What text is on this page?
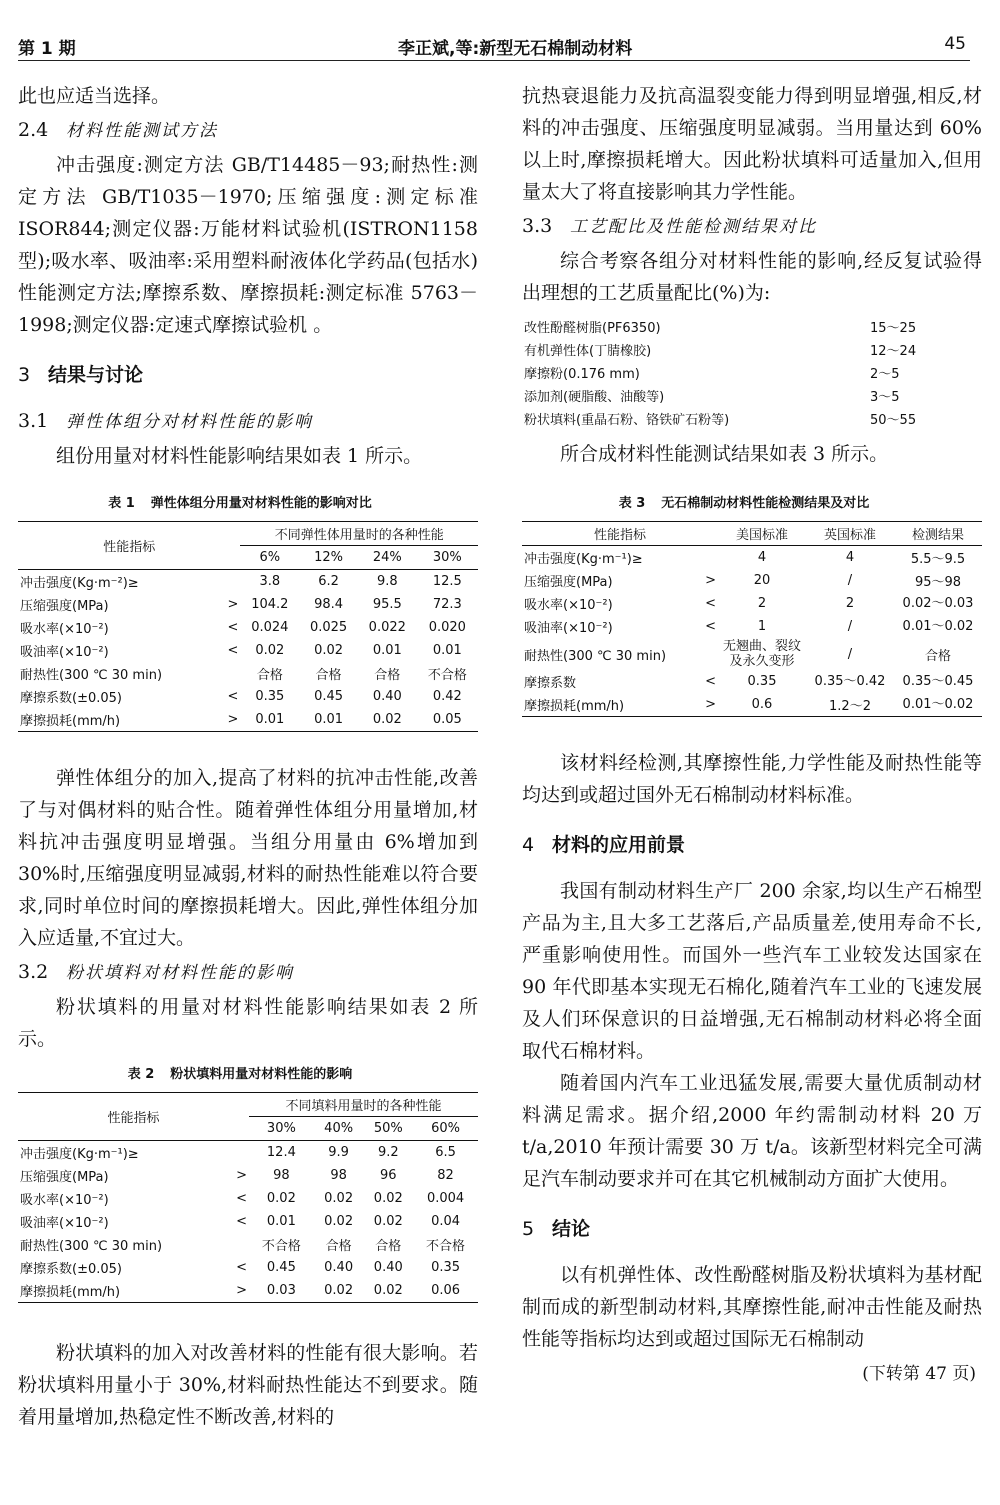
第 1 期	李正斌,等:新型无石棉制动材料	45

此也应适当选择。

2.4 材料性能测试方法

冲击强度:测定方法 GB/T14485－93;耐热性:测定方法 GB/T1035－1970;压缩强度:测定标准 ISOR844;测定仪器:万能材料试验机(ISTRON1158 型);吸水率、吸油率:采用塑料耐液体化学药品(包括水)性能测定方法;摩擦系数、摩擦损耗:测定标准 5763－1998;测定仪器:定速式摩擦试验机 。

3 结果与讨论
3.1 弹性体组分对材料性能的影响

组份用量对材料性能影响结果如表 1 所示。

表 1 弹性体组分用量对材料性能的影响对比
性能指标		不同弹性体用量时的各种性能			
		6%	12%	24%	30%
冲击强度(Kg·m⁻²)≥		3.8	6.2	9.8	12.5
压缩强度(MPa)	>	104.2	98.4	95.5	72.3
吸水率(×10⁻²)	<	0.024	0.025	0.022	0.020
吸油率(×10⁻²)	<	0.02	0.02	0.01	0.01
耐热性(300 ℃ 30 min)		合格	合格	合格	不合格
摩擦系数(±0.05)	<	0.35	0.45	0.40	0.42
摩擦损耗(mm/h)	>	0.01	0.01	0.02	0.05

弹性体组分的加入,提高了材料的抗冲击性能,改善了与对偶材料的贴合性。随着弹性体组分用量增加,材料抗冲击强度明显增强。当组分用量由 6%增加到 30%时,压缩强度明显减弱,材料的耐热性能难以符合要求,同时单位时间的摩擦损耗增大。因此,弹性体组分加入应适量,不宜过大。

3.2 粉状填料对材料性能的影响

粉状填料的用量对材料性能影响结果如表 2 所示。

表 2 粉状填料用量对材料性能的影响
性能指标		不同填料用量时的各种性能			
		30%	40%	50%	60%
冲击强度(Kg·m⁻¹)≥		12.4	9.9	9.2	6.5
压缩强度(MPa)	>	98	98	96	82
吸水率(×10⁻²)	<	0.02	0.02	0.02	0.004
吸油率(×10⁻²)	<	0.01	0.02	0.02	0.04
耐热性(300 ℃ 30 min)		不合格	合格	合格	不合格
摩擦系数(±0.05)	<	0.45	0.40	0.40	0.35
摩擦损耗(mm/h)	>	0.03	0.02	0.02	0.06

粉状填料的加入对改善材料的性能有很大影响。若粉状填料用量小于 30%,材料耐热性能达不到要求。随着用量增加,热稳定性不断改善,材料的

抗热衰退能力及抗高温裂变能力得到明显增强,相反,材料的冲击强度、压缩强度明显减弱。当用量达到 60%以上时,摩擦损耗增大。因此粉状填料可适量加入,但用量太大了将直接影响其力学性能。

3.3 工艺配比及性能检测结果对比

综合考察各组分对材料性能的影响,经反复试验得出理想的工艺质量配比(%)为:

改性酚醛树脂(PF6350)	15～25
有机弹性体(丁腈橡胶)	12～24
摩擦粉(0.176 mm)	2～5
添加剂(硬脂酸、油酸等)	3～5
粉状填料(重晶石粉、铬铁矿石粉等)	50～55

所合成材料性能测试结果如表 3 所示。

表 3 无石棉制动材料性能检测结果及对比
性能指标		美国标准	英国标准	检测结果
冲击强度(Kg·m⁻¹)≥		4	4	5.5～9.5
压缩强度(MPa)	>	20	/	95～98
吸水率(×10⁻²)	<	2	2	0.02～0.03
吸油率(×10⁻²)	<	1	/	0.01～0.02
耐热性(300 ℃ 30 min)		无翘曲、裂纹及永久变形	/	合格
摩擦系数	<	0.35	0.35～0.42	0.35～0.45
摩擦损耗(mm/h)	>	0.6	1.2～2	0.01～0.02

该材料经检测,其摩擦性能,力学性能及耐热性能等均达到或超过国外无石棉制动材料标准。

4 材料的应用前景

我国有制动材料生产厂 200 余家,均以生产石棉型产品为主,且大多工艺落后,产品质量差,使用寿命不长,严重影响使用性。而国外一些汽车工业较发达国家在 90 年代即基本实现无石棉化,随着汽车工业的飞速发展及人们环保意识的日益增强,无石棉制动材料必将全面取代石棉材料。

随着国内汽车工业迅猛发展,需要大量优质制动材料满足需求。据介绍,2000 年约需制动材料 20 万 t/a,2010 年预计需要 30 万 t/a。该新型材料完全可满足汽车制动要求并可在其它机械制动方面扩大使用。

5 结论

以有机弹性体、改性酚醛树脂及粉状填料为基材配制而成的新型制动材料,其摩擦性能,耐冲击性能及耐热性能等指标均达到或超过国际无石棉制动

(下转第 47 页)
